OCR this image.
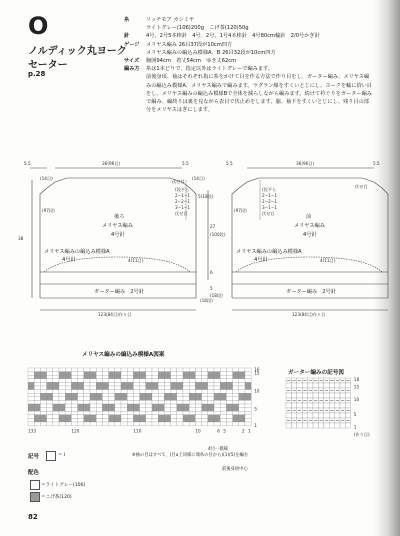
O
ノルディック丸ヨーク
セーター
p.28
糸	リッチモア カシミヤ
ライトグレー(106)200g　こげ茶(120)50g
針	4号、2号5本棒針　4号、2号、1号4本棒針　4号80cm輪針　2/0号かぎ針
ゲージ	メリヤス編み 26目37段が10cm四方
メリヤス編みの編込み模様A、B 26目32段が10cm四方
サイズ	胸囲94cm　着丈54cm　ゆき丈62cm
編み方	糸は1本どりで、指定以外はライトグレーで編みます。
前後身頃、袖はそれぞれ指に糸をかけて目を作る方法で作り目をし、ガーター編み、メリヤス編みの編込み模様A、メリヤス編みで編みます。ラグラン線をすくいとじにし、ヨークを輪に拾い目をし、メリヤス編みの編込み模様Bで全体を減らしながら編みます。続けて衿ぐりをガーター編みで編み、編終りは裏を見ながら表目で伏止めをします。脇、袖下をすくいとじにし、残り目の部分をメリヤスはぎにします。
5.5	36(96目)	5.5	5.5	36(96目)	5.5
(14目)	(14目)
(97段)
5(18段)
(97段)
38
27
(100段)
6
5
(18段)
(段平ら
2−1−1
2−2−1
3−1−1
伏せ目
(段平ら
2−1−1
2−2−1
3−1−1
伏せ目
伏せ目
伏せ目
4(11目)	4(11目)
123(84目)作り目	123(84目)作り目
(18段)
後ろ
メリヤス編み
4号針
前
メリヤス編み
4号針
メリヤス編みの編込み模様A
4号針
メリヤス編みの編込み模様A
4号針
ガーター編み　2号針	ガーター編み　2号針
メリヤス編みの編込み模様A図案
133	120	110	10	6 5	2 1
16
15
10
5
1
ガーター編みの記号図
18
15
10
5
1
(作り目)
記号	＝ I
配色
＝ライトグレー(106)
＝こげ茶(120)
※袖の目はすべて、(目a上同様に端糸の目から)(1)(5)を編む
前後身頃中心
4目一模様
82
